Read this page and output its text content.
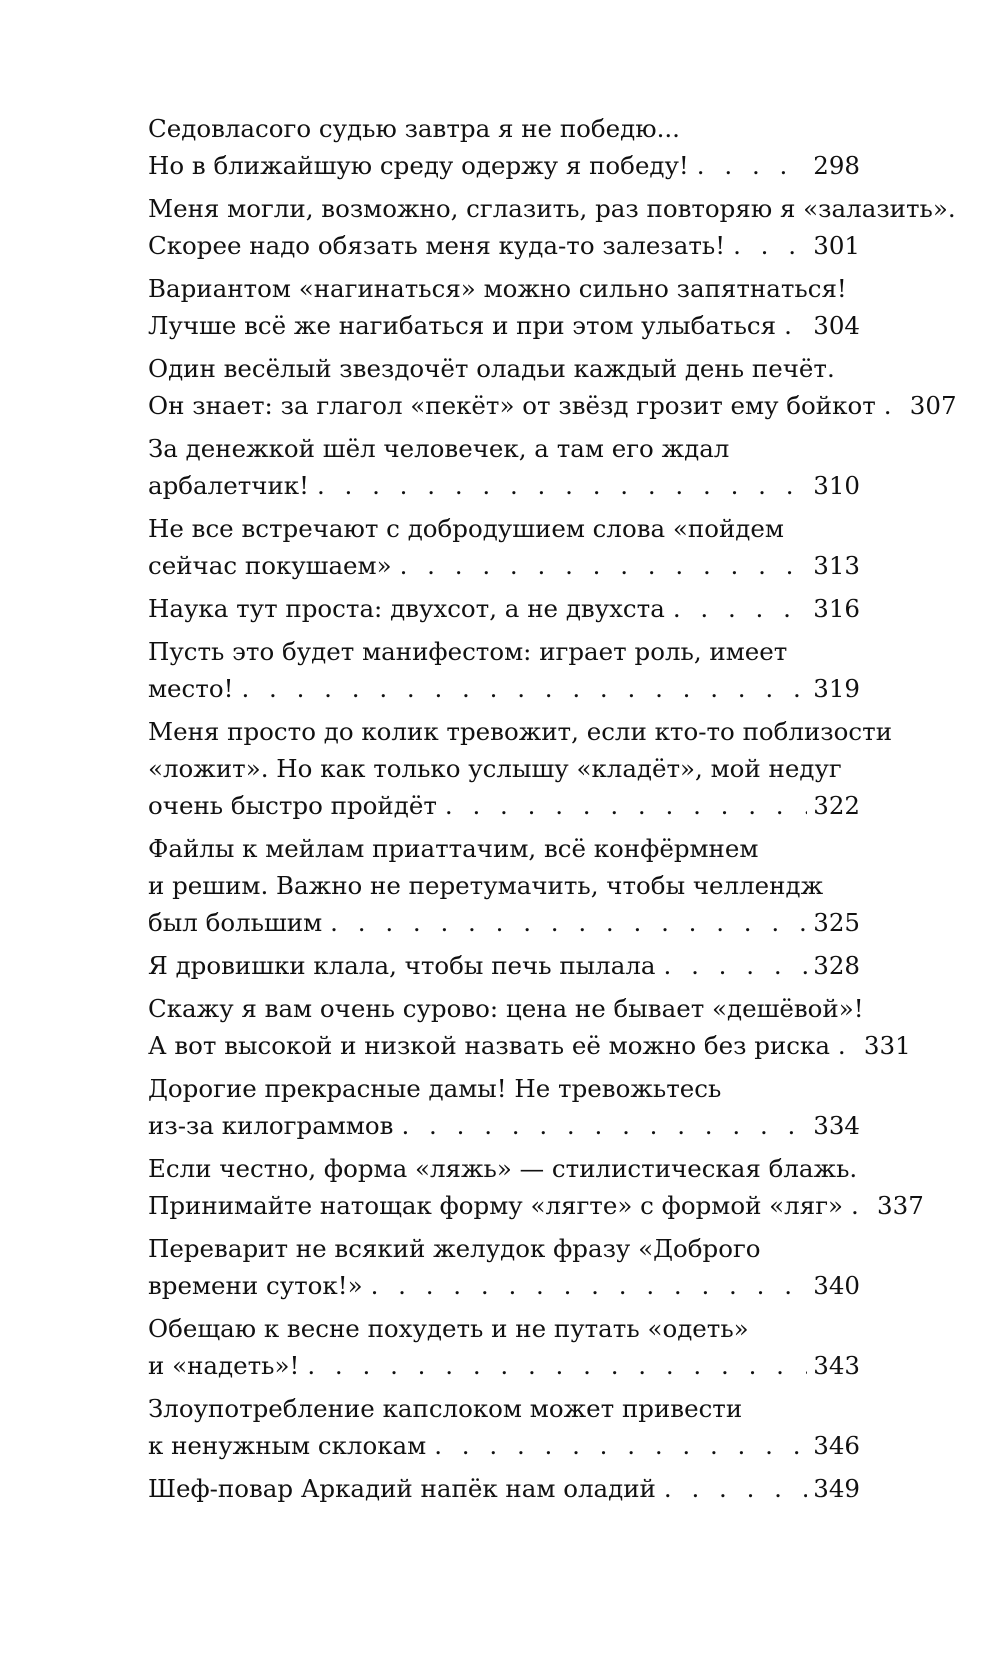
Седовласого судью завтра я не победю...
Но в ближайшую среду одержу я победу! . . .	298
Меня могли, возможно, сглазить, раз повторяю я «залазить».
Скорее надо обязать меня куда-то залезать! . . .	301
Вариантом «нагинаться» можно сильно запятнаться!
Лучше всё же нагибаться и при этом улыбаться . . . 304
Один весёлый звездочёт оладьи каждый день печёт.
Он знает: за глагол «пекёт» от звёзд грозит ему бойкот . . . 307
За денежкой шёл человечек, а там его ждал
арбалетчик! . . .	310
Не все встречают с добродушием слова «пойдем
сейчас покушаем» . . .	313
Наука тут проста: двухсот, а не двухста . . .	316
Пусть это будет манифестом: играет роль, имеет
место! . . .	319
Меня просто до колик тревожит, если кто-то поблизости
«ложит». Но как только услышу «кладёт», мой недуг
очень быстро пройдёт . . .	322
Файлы к мейлам приаттачим, всё конфёрмнем
и решим. Важно не перетумачить, чтобы челлендж
был большим . . .	325
Я дровишки клала, чтобы печь пылала . . .	328
Скажу я вам очень сурово: цена не бывает «дешёвой»!
А вот высокой и низкой назвать её можно без риска . . . 331
Дорогие прекрасные дамы! Не тревожьтесь
из-за килограммов . . .	334
Если честно, форма «ляжь» — стилистическая блажь.
Принимайте натощак форму «лягте» с формой «ляг» . . . 337
Переварит не всякий желудок фразу «Доброго
времени суток!» . . .	340
Обещаю к весне похудеть и не путать «одеть»
и «надеть»! . . .	343
Злоупотребление капслоком может привести
к ненужным склокам . . .	346
Шеф-повар Аркадий напёк нам оладий . . .	349
